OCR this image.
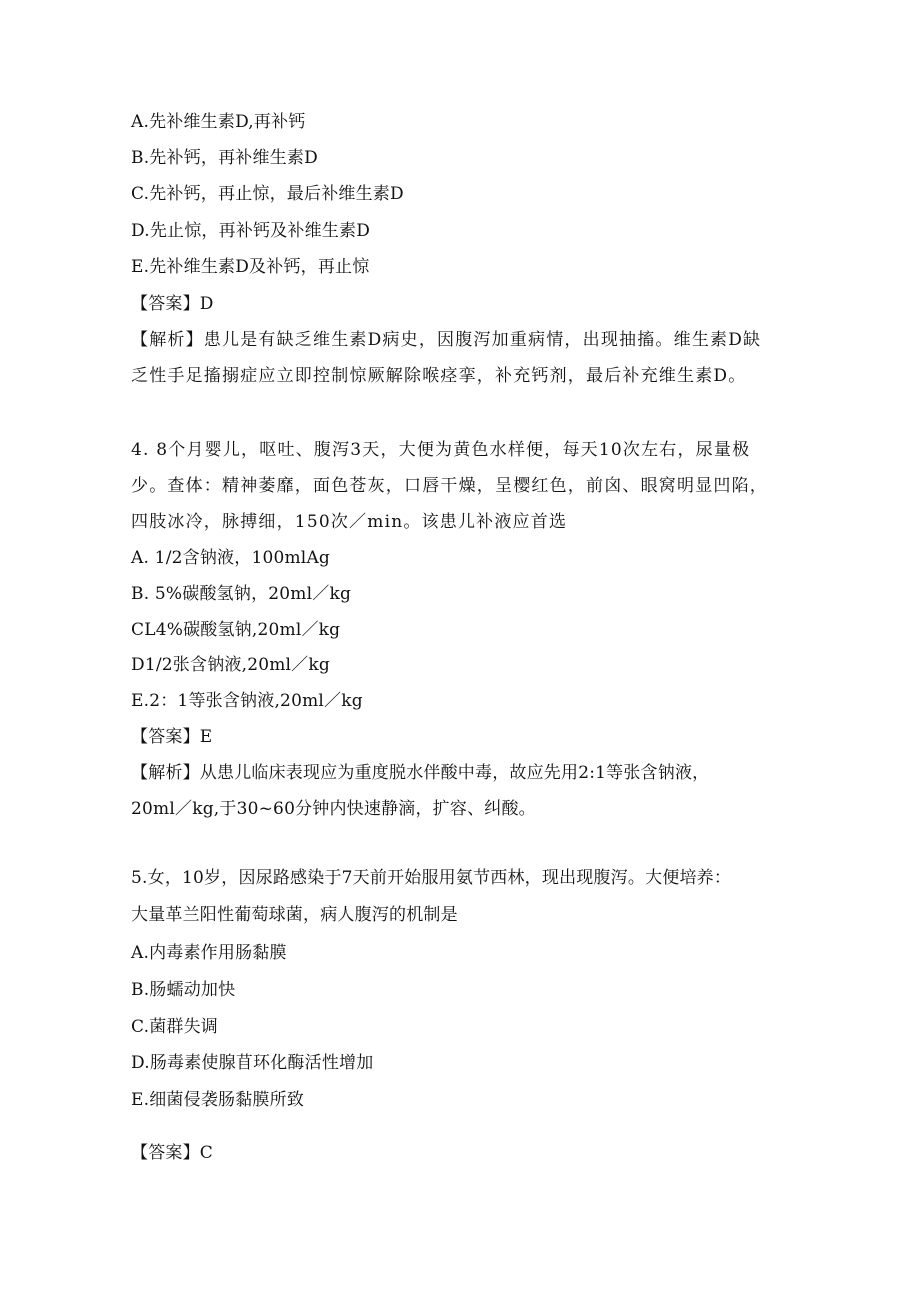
A.先补维生素D,再补钙
B.先补钙，再补维生素D
C.先补钙，再止惊，最后补维生素D
D.先止惊，再补钙及补维生素D
E.先补维生素D及补钙，再止惊
【答案】D
【解析】患儿是有缺乏维生素D病史，因腹泻加重病情，出现抽搐。维生素D缺
乏性手足搐搦症应立即控制惊厥解除喉痉挛，补充钙剂，最后补充维生素D。
4. 8个月婴儿，呕吐、腹泻3天，大便为黄色水样便，每天10次左右，尿量极
少。查体：精神萎靡，面色苍灰，口唇干燥，呈樱红色，前囟、眼窝明显凹陷，
四肢冰冷，脉搏细，150次／min。该患儿补液应首选
A. 1/2含钠液，100mlAg
B. 5%碳酸氢钠，20ml／kg
CL4%碳酸氢钠,20ml／kg
D1/2张含钠液,20ml／kg
E.2：1等张含钠液,20ml／kg
【答案】E
【解析】从患儿临床表现应为重度脱水伴酸中毒，故应先用2:1等张含钠液，
20ml／kg,于30~60分钟内快速静滴，扩容、纠酸。
5.女，10岁，因尿路感染于7天前开始服用氨节西林，现出现腹泻。大便培养：
大量革兰阳性葡萄球菌，病人腹泻的机制是
A.内毒素作用肠黏膜
B.肠蠕动加快
C.菌群失调
D.肠毒素使腺苜环化酶活性增加
E.细菌侵袭肠黏膜所致
【答案】C
